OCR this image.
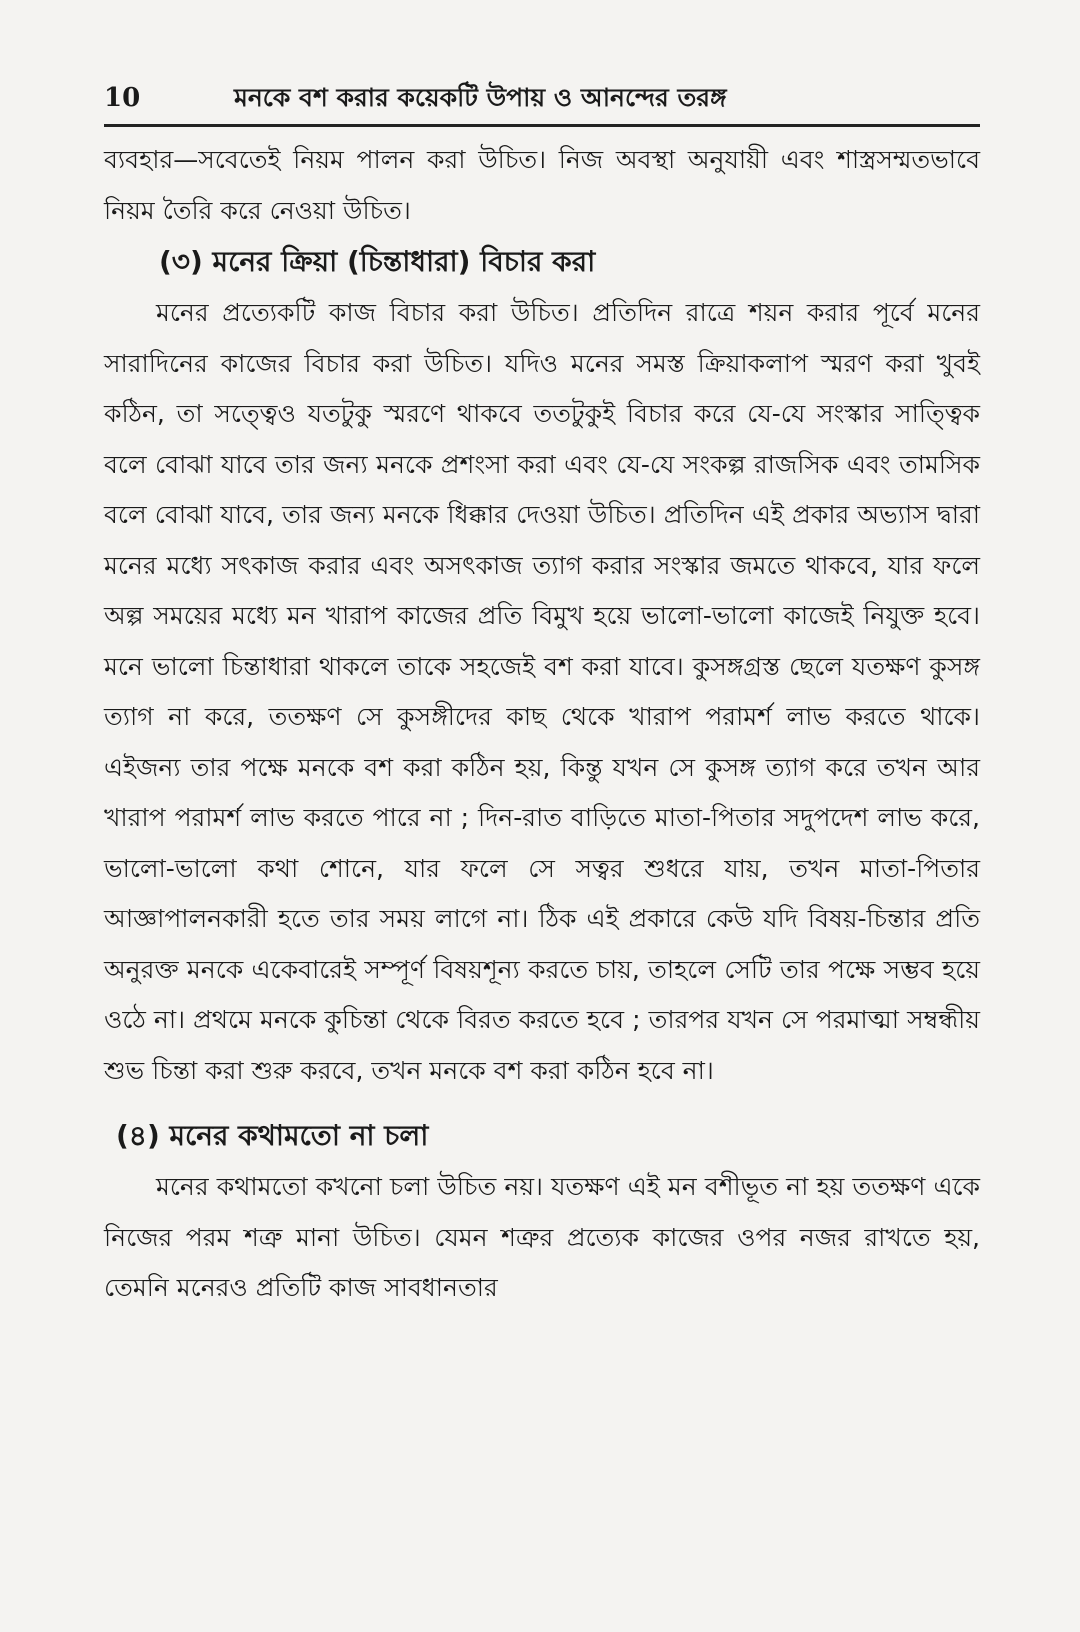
10	মনকে বশ করার কয়েকটি উপায় ও আনন্দের তরঙ্গ

ব্যবহার—সবেতেই নিয়ম পালন করা উচিত। নিজ অবস্থা অনুযায়ী এবং শাস্ত্রসম্মতভাবে নিয়ম তৈরি করে নেওয়া উচিত।

(৩) মনের ক্রিয়া (চিন্তাধারা) বিচার করা

মনের প্রত্যেকটি কাজ বিচার করা উচিত। প্রতিদিন রাত্রে শয়ন করার পূর্বে মনের সারাদিনের কাজের বিচার করা উচিত। যদিও মনের সমস্ত ক্রিয়াকলাপ স্মরণ করা খুবই কঠিন, তা সত্ত্বেও যতটুকু স্মরণে থাকবে ততটুকুই বিচার করে যে-যে সংস্কার সাত্ত্বিক বলে বোঝা যাবে তার জন্য মনকে প্রশংসা করা এবং যে-যে সংকল্প রাজসিক এবং তামসিক বলে বোঝা যাবে, তার জন্য মনকে ধিক্কার দেওয়া উচিত। প্রতিদিন এই প্রকার অভ্যাস দ্বারা মনের মধ্যে সৎকাজ করার এবং অসৎকাজ ত্যাগ করার সংস্কার জমতে থাকবে, যার ফলে অল্প সময়ের মধ্যে মন খারাপ কাজের প্রতি বিমুখ হয়ে ভালো-ভালো কাজেই নিযুক্ত হবে। মনে ভালো চিন্তাধারা থাকলে তাকে সহজেই বশ করা যাবে। কুসঙ্গগ্রস্ত ছেলে যতক্ষণ কুসঙ্গ ত্যাগ না করে, ততক্ষণ সে কুসঙ্গীদের কাছ থেকে খারাপ পরামর্শ লাভ করতে থাকে। এইজন্য তার পক্ষে মনকে বশ করা কঠিন হয়, কিন্তু যখন সে কুসঙ্গ ত্যাগ করে তখন আর খারাপ পরামর্শ লাভ করতে পারে না ; দিন-রাত বাড়িতে মাতা-পিতার সদুপদেশ লাভ করে, ভালো-ভালো কথা শোনে, যার ফলে সে সত্বর শুধরে যায়, তখন মাতা-পিতার আজ্ঞাপালনকারী হতে তার সময় লাগে না। ঠিক এই প্রকারে কেউ যদি বিষয়-চিন্তার প্রতি অনুরক্ত মনকে একেবারেই সম্পূর্ণ বিষয়শূন্য করতে চায়, তাহলে সেটি তার পক্ষে সম্ভব হয়ে ওঠে না। প্রথমে মনকে কুচিন্তা থেকে বিরত করতে হবে ; তারপর যখন সে পরমাত্মা সম্বন্ধীয় শুভ চিন্তা করা শুরু করবে, তখন মনকে বশ করা কঠিন হবে না।

(৪) মনের কথামতো না চলা

মনের কথামতো কখনো চলা উচিত নয়। যতক্ষণ এই মন বশীভূত না হয় ততক্ষণ একে নিজের পরম শত্রু মানা উচিত। যেমন শত্রুর প্রত্যেক কাজের ওপর নজর রাখতে হয়, তেমনি মনেরও প্রতিটি কাজ সাবধানতার
